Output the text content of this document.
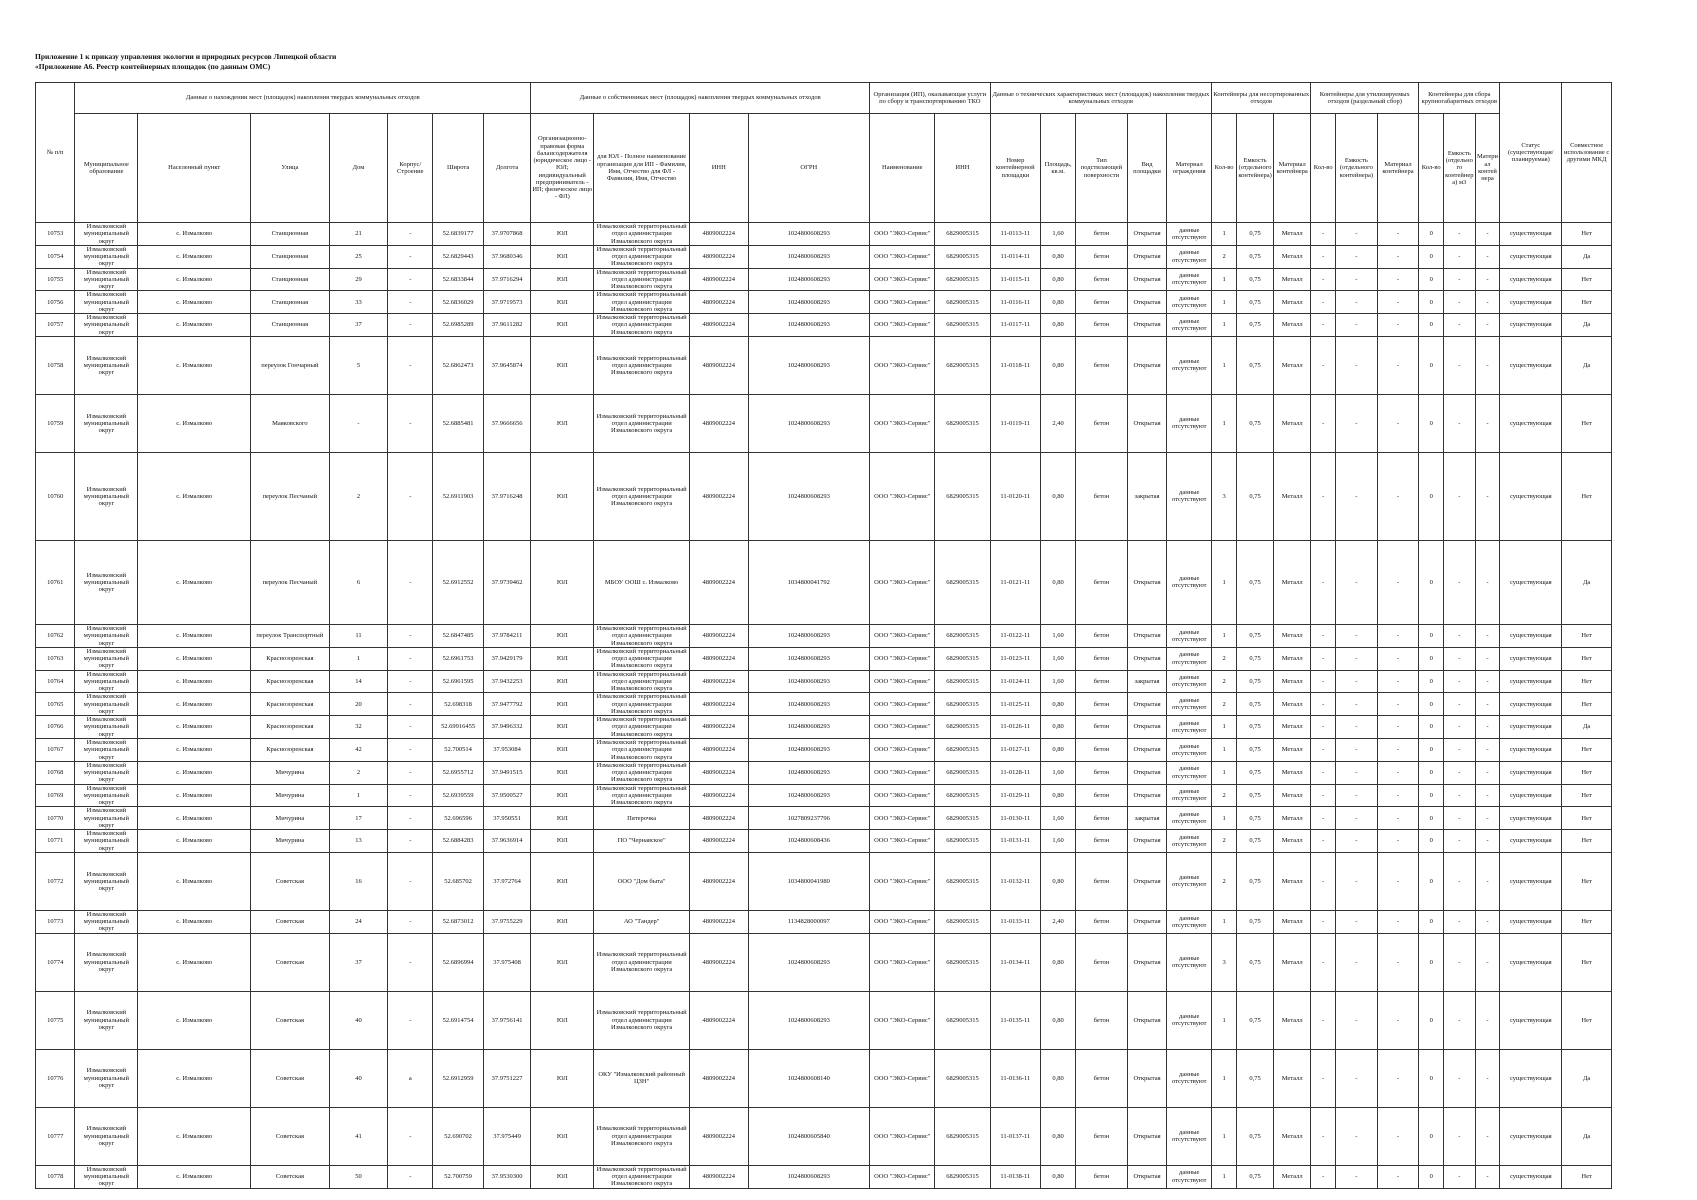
Приложение 1 к приказу управления экологии и природных ресурсов Липецкой области
«Приложение А6. Реестр контейнерных площадок (по данным ОМС)
№ п/п	Данные о нахождении мест (площадок) накопления твердых коммунальных отходов							Данные о собственниках мест (площадок) накопления твердых коммунальных отходов				Организация (ИП), оказывающая услуги по сбору и транспортированию ТКО		Данные о технических характеристиках мест (площадок) накопления твердых коммунальных отходов					Контейнеры для несортированных отходов			Контейнеры для утилизируемых отходов (раздельный сбор)			Контейнеры для сбора крупногабаритных отходов			Статус (существующая/ планируемая)	Совместное использование с другими МКД
	Муниципальное образование	Населенный пункт	Улица	Дом	Корпус/Строение	Широта	Долгота	Организационно-правовая форма балансодержателя (юридическое лицо - ЮЛ; индивидуальный предприниматель - ИП; физическое лицо - ФЛ)	для ЮЛ - Полное наименование организации для ИП - Фамилия, Имя, Отчество для ФЛ - Фамилия, Имя, Отчество	ИНН	ОГРН	Наименование	ИНН	Номер контейнерной площадки	Площадь, кв.м.	Тип подстилающей поверхности	Вид площадки	Материал ограждения	Кол-во	Емкость (отдельного контейнера)	Материал контейнера	Кол-во	Емкость (отдельного контейнера)	Материал контейнера	Кол-во	Емкость (отдельного контейнера) м3	Материал контейнера		
10753	Измалковский муниципальный округ	с. Измалково	Станционная	21	-	52.6839177	37.9707868	ЮЛ	Измалковский территориальный отдел администрации Измалковского округа	4809002224	1024800608293	ООО "ЭКО-Сервис"	6829005315	11-0113-11	1,60	бетон	Открытая	данные отсутствуют	1	0,75	Металл	-	-	-	0	-	-	существующая	Нет
10754	Измалковский муниципальный округ	с. Измалково	Станционная	25	-	52.6829443	37.9680346	ЮЛ	Измалковский территориальный отдел администрации Измалковского округа	4809002224	1024800608293	ООО "ЭКО-Сервис"	6829005315	11-0114-11	0,80	бетон	Открытая	данные отсутствуют	2	0,75	Металл	-	-	-	0	-	-	существующая	Да
10755	Измалковский муниципальный округ	с. Измалково	Станционная	29	-	52.6833844	37.9716294	ЮЛ	Измалковский территориальный отдел администрации Измалковского округа	4809002224	1024800608293	ООО "ЭКО-Сервис"	6829005315	11-0115-11	0,80	бетон	Открытая	данные отсутствуют	1	0,75	Металл	-	-	-	0	-	-	существующая	Нет
10756	Измалковский муниципальный округ	с. Измалково	Станционная	33	-	52.6836029	37.9719573	ЮЛ	Измалковский территориальный отдел администрации Измалковского округа	4809002224	1024800608293	ООО "ЭКО-Сервис"	6829005315	11-0116-11	0,80	бетон	Открытая	данные отсутствуют	1	0,75	Металл	-	-	-	0	-	-	существующая	Нет
10757	Измалковский муниципальный округ	с. Измалково	Станционная	37	-	52.6985289	37.9611282	ЮЛ	Измалковский территориальный отдел администрации Измалковского округа	4809002224	1024800608293	ООО "ЭКО-Сервис"	6829005315	11-0117-11	0,80	бетон	Открытая	данные отсутствуют	1	0,75	Металл	-	-	-	0	-	-	существующая	Да
10758	Измалковский муниципальный округ	с. Измалково	переулок Гончарный	5	-	52.6862473	37.9645874	ЮЛ	Измалковский территориальный отдел администрации Измалковского округа	4809002224	1024800608293	ООО "ЭКО-Сервис"	6829005315	11-0118-11	0,80	бетон	Открытая	данные отсутствуют	1	0,75	Металл	-	-	-	0	-	-	существующая	Да
10759	Измалковский муниципальный округ	с. Измалково	Маяковского	-	-	52.6885481	37.9666656	ЮЛ	Измалковский территориальный отдел администрации Измалковского округа	4809002224	1024800608293	ООО "ЭКО-Сервис"	6829005315	11-0119-11	2,40	бетон	Открытая	данные отсутствуют	1	0,75	Металл	-	-	-	0	-	-	существующая	Нет
10760	Измалковский муниципальный округ	с. Измалково	переулок Песчаный	2	-	52.6911903	37.9716248	ЮЛ	Измалковский территориальный отдел администрации Измалковского округа	4809002224	1024800608293	ООО "ЭКО-Сервис"	6829005315	11-0120-11	0,80	бетон	закрытая	данные отсутствуют	3	0,75	Металл	-	-	-	0	-	-	существующая	Нет
10761	Измалковский муниципальный округ	с. Измалково	переулок Песчаный	6	-	52.6912552	37.9739462	ЮЛ	МБОУ ООШ с. Измалково	4809002224	1034800041792	ООО "ЭКО-Сервис"	6829005315	11-0121-11	0,80	бетон	Открытая	данные отсутствуют	1	0,75	Металл	-	-	-	0	-	-	существующая	Да
10762	Измалковский муниципальный округ	с. Измалково	переулок Транспортный	11	-	52.6847485	37.9784211	ЮЛ	Измалковский территориальный отдел администрации Измалковского округа	4809002224	1024800608293	ООО "ЭКО-Сервис"	6829005315	11-0122-11	1,60	бетон	Открытая	данные отсутствуют	1	0,75	Металл	-	-	-	0	-	-	существующая	Нет
10763	Измалковский муниципальный округ	с. Измалково	Краснозоренская	1	-	52.6961753	37.9429179	ЮЛ	Измалковский территориальный отдел администрации Измалковского округа	4809002224	1024800608293	ООО "ЭКО-Сервис"	6829005315	11-0123-11	1,60	бетон	Открытая	данные отсутствуют	2	0,75	Металл	-	-	-	0	-	-	существующая	Нет
10764	Измалковский муниципальный округ	с. Измалково	Краснозоренская	14	-	52.6961595	37.9432253	ЮЛ	Измалковский территориальный отдел администрации Измалковского округа	4809002224	1024800608293	ООО "ЭКО-Сервис"	6829005315	11-0124-11	1,60	бетон	закрытая	данные отсутствуют	2	0,75	Металл	-	-	-	0	-	-	существующая	Нет
10765	Измалковский муниципальный округ	с. Измалково	Краснозоренская	20	-	52.698318	37.9477792	ЮЛ	Измалковский территориальный отдел администрации Измалковского округа	4809002224	1024800608293	ООО "ЭКО-Сервис"	6829005315	11-0125-11	0,80	бетон	Открытая	данные отсутствуют	2	0,75	Металл	-	-	-	0	-	-	существующая	Нет
10766	Измалковский муниципальный округ	с. Измалково	Краснозоренская	32	-	52.69916455	37.9496332	ЮЛ	Измалковский территориальный отдел администрации Измалковского округа	4809002224	1024800608293	ООО "ЭКО-Сервис"	6829005315	11-0126-11	0,80	бетон	Открытая	данные отсутствуют	1	0,75	Металл	-	-	-	0	-	-	существующая	Да
10767	Измалковский муниципальный округ	с. Измалково	Краснозоренская	42	-	52.700514	37.953084	ЮЛ	Измалковский территориальный отдел администрации Измалковского округа	4809002224	1024800608293	ООО "ЭКО-Сервис"	6829005315	11-0127-11	0,80	бетон	Открытая	данные отсутствуют	1	0,75	Металл	-	-	-	0	-	-	существующая	Нет
10768	Измалковский муниципальный округ	с. Измалково	Мичурина	2	-	52.6955712	37.9491515	ЮЛ	Измалковский территориальный отдел администрации Измалковского округа	4809002224	1024800608293	ООО "ЭКО-Сервис"	6829005315	11-0128-11	1,60	бетон	Открытая	данные отсутствуют	1	0,75	Металл	-	-	-	0	-	-	существующая	Нет
10769	Измалковский муниципальный округ	с. Измалково	Мичурина	1	-	52.6939559	37.9500527	ЮЛ	Измалковский территориальный отдел администрации Измалковского округа	4809002224	1024800608293	ООО "ЭКО-Сервис"	6829005315	11-0129-11	0,80	бетон	Открытая	данные отсутствуют	2	0,75	Металл	-	-	-	0	-	-	существующая	Нет
10770	Измалковский муниципальный округ	с. Измалково	Мичурина	17	-	52.696596	37.950551	ЮЛ	Пятерочка	4809002224	1027809237796	ООО "ЭКО-Сервис"	6829005315	11-0130-11	1,60	бетон	закрытая	данные отсутствуют	1	0,75	Металл	-	-	-	0	-	-	существующая	Нет
10771	Измалковский муниципальный округ	с. Измалково	Мичурина	13	-	52.6884283	37.9636914	ЮЛ	ПО "Чернавское"	4809002224	1024800608436	ООО "ЭКО-Сервис"	6829005315	11-0131-11	1,60	бетон	Открытая	данные отсутствуют	2	0,75	Металл	-	-	-	0	-	-	существующая	Нет
10772	Измалковский муниципальный округ	с. Измалково	Советская	16	-	52.685702	37.972764	ЮЛ	ООО "Дом быта"	4809002224	1034800041980	ООО "ЭКО-Сервис"	6829005315	11-0132-11	0,80	бетон	Открытая	данные отсутствуют	2	0,75	Металл	-	-	-	0	-	-	существующая	Нет
10773	Измалковский муниципальный округ	с. Измалково	Советская	24	-	52.6873012	37.9755229	ЮЛ	АО "Тандер"	4809002224	1134828000097	ООО "ЭКО-Сервис"	6829005315	11-0133-11	2,40	бетон	Открытая	данные отсутствуют	1	0,75	Металл	-	-	-	0	-	-	существующая	Нет
10774	Измалковский муниципальный округ	с. Измалково	Советская	37	-	52.6896994	37.975408	ЮЛ	Измалковский территориальный отдел администрации Измалковского округа	4809002224	1024800608293	ООО "ЭКО-Сервис"	6829005315	11-0134-11	0,80	бетон	Открытая	данные отсутствуют	3	0,75	Металл	-	-	-	0	-	-	существующая	Нет
10775	Измалковский муниципальный округ	с. Измалково	Советская	40	-	52.6914754	37.9756141	ЮЛ	Измалковский территориальный отдел администрации Измалковского округа	4809002224	1024800608293	ООО "ЭКО-Сервис"	6829005315	11-0135-11	0,80	бетон	Открытая	данные отсутствуют	1	0,75	Металл	-	-	-	0	-	-	существующая	Нет
10776	Измалковский муниципальный округ	с. Измалково	Советская	40	а	52.6912959	37.9751227	ЮЛ	ОКУ "Измалковский районный ЦЗН"	4809002224	1024800608140	ООО "ЭКО-Сервис"	6829005315	11-0136-11	0,80	бетон	Открытая	данные отсутствуют	1	0,75	Металл	-	-	-	0	-	-	существующая	Да
10777	Измалковский муниципальный округ	с. Измалково	Советская	41	-	52.690702	37.975449	ЮЛ	Измалковский территориальный отдел администрации Измалковского округа	4809002224	1024800605840	ООО "ЭКО-Сервис"	6829005315	11-0137-11	0,80	бетон	Открытая	данные отсутствуют	1	0,75	Металл	-	-	-	0	-	-	существующая	Да
10778	Измалковский муниципальный округ	с. Измалково	Советская	50	-	52.700759	37.9530300	ЮЛ	Измалковский территориальный отдел администрации Измалковского округа	4809002224	1024800608293	ООО "ЭКО-Сервис"	6829005315	11-0138-11	0,80	бетон	Открытая	данные отсутствуют	1	0,75	Металл	-	-	-	0	-	-	существующая	Нет
